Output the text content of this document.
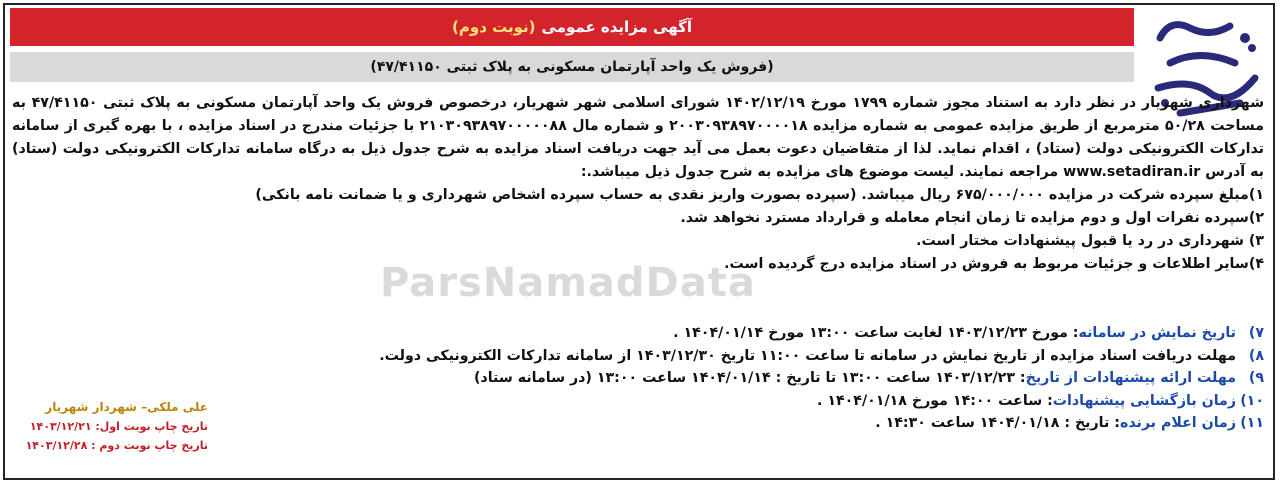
آگهی مزایده عمومی
(نوبت دوم)
(فروش یک واحد آپارتمان مسکونی به پلاک ثبتی ۴۷/۴۱۱۵۰)
ParsNamadData

شهرداری شهریار در نظر دارد به استناد مجوز شماره ۱۷۹۹ مورخ ۱۴۰۲/۱۲/۱۹ شورای اسلامی شهر شهریار، درخصوص فروش یک واحد آپارتمان مسکونی به پلاک ثبتی ۴۷/۴۱۱۵۰ به مساحت ۵۰/۲۸ مترمربع از طریق مزایده عمومی به شماره مزایده ۲۰۰۳۰۹۳۸۹۷۰۰۰۰۱۸ و شماره مال ۲۱۰۳۰۹۳۸۹۷۰۰۰۰۰۸۸ با جزئیات مندرج در اسناد مزایده ، با بهره گیری از سامانه تدارکات الکترونیکی دولت (ستاد) ، اقدام نماید. لذا از متقاضیان دعوت بعمل می آید جهت دریافت اسناد مزایده به شرح جدول ذیل به درگاه سامانه تدارکات الکترونیکی دولت (ستاد) به آدرس www.setadiran.ir مراجعه نمایند. لیست موضوع های مزایده به شرح جدول ذیل میباشد.:

۱)مبلغ سپرده شرکت در مزایده ۶۷۵/۰۰۰/۰۰۰ ریال میباشد. (سپرده بصورت واریز نقدی به حساب سپرده اشخاص شهرداری و یا ضمانت نامه بانکی)

۲)سپرده نفرات اول و دوم مزایده تا زمان انجام معامله و قرارداد مسترد نخواهد شد.

۳) شهرداری در رد یا قبول پیشنهادات مختار است.

۴)سایر اطلاعات و جزئیات مربوط به فروش در اسناد مزایده درج گردیده است.

۷)
تاریخ نمایش در سامانه
: مورخ ۱۴۰۳/۱۲/۲۳ لغایت ساعت ۱۳:۰۰ مورخ ۱۴۰۴/۰۱/۱۴ .
۸)
مهلت دریافت اسناد مزایده از تاریخ نمایش در سامانه تا ساعت ۱۱:۰۰ تاریخ ۱۴۰۳/۱۲/۳۰ از سامانه تدارکات الکترونیکی دولت.
۹)
مهلت ارائه پیشنهادات از تاریخ
: ۱۴۰۳/۱۲/۲۳ ساعت ۱۳:۰۰ تا تاریخ : ۱۴۰۴/۰۱/۱۴ ساعت ۱۳:۰۰ (در سامانه ستاد)
۱۰)
زمان بازگشایی پیشنهادات
: ساعت ۱۴:۰۰ مورخ ۱۴۰۴/۰۱/۱۸ .
۱۱)
زمان اعلام برنده
: تاریخ : ۱۴۰۴/۰۱/۱۸ ساعت ۱۴:۳۰ .
علی ملکی– شهردار شهریار
تاریخ چاپ نوبت اول: ۱۴۰۳/۱۲/۲۱
تاریخ چاپ نوبت دوم : ۱۴۰۳/۱۲/۲۸
